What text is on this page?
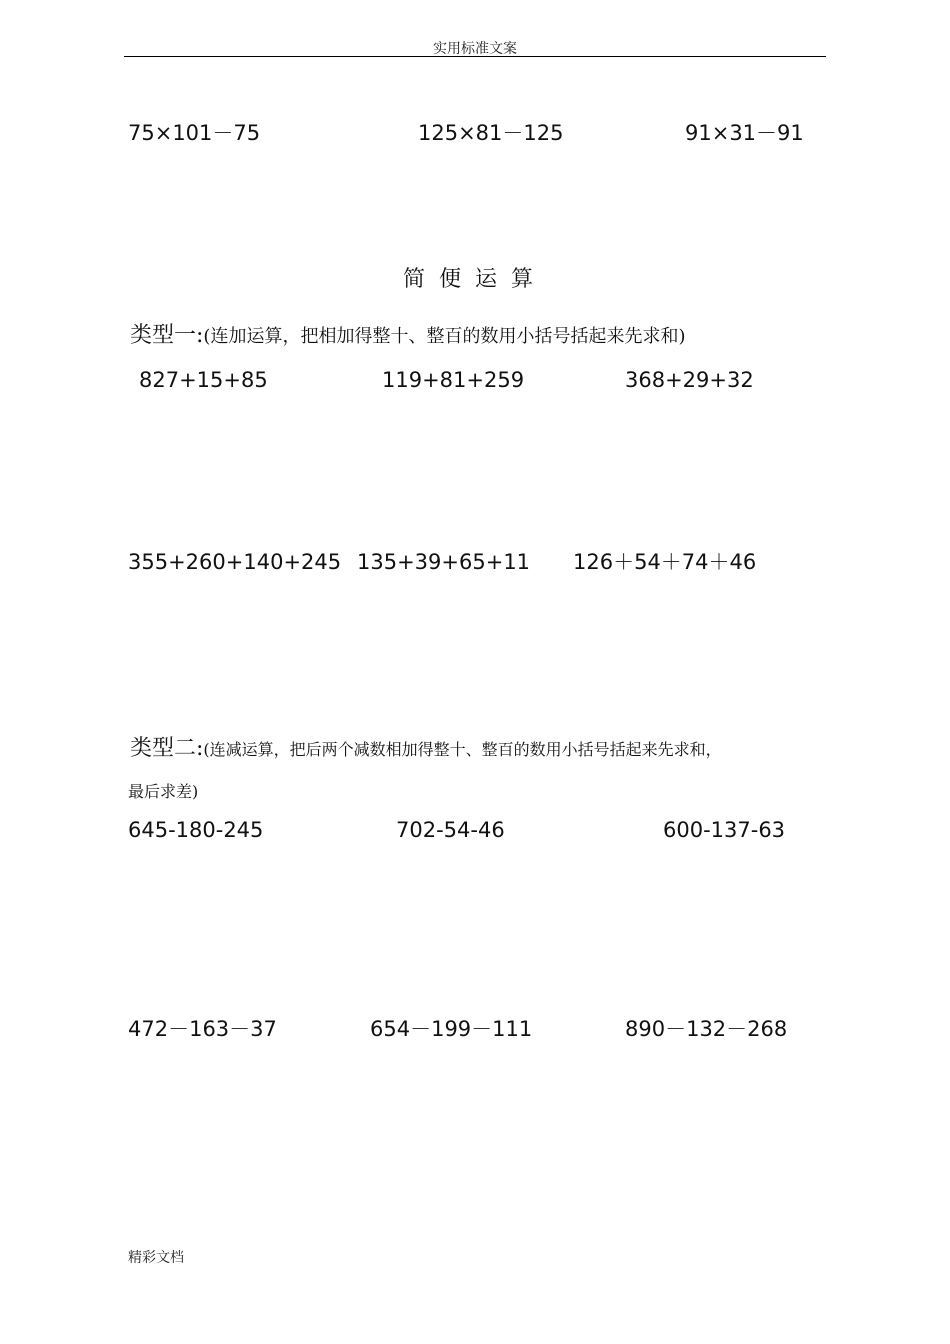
实用标准文案
75×101－75	125×81－125	91×31－91
简便运算
类型一:(连加运算，把相加得整十、整百的数用小括号括起来先求和)
827+15+85	119+81+259	368+29+32
355+260+140+245 135+39+65+11 126＋54＋74＋46
类型二:(连减运算，把后两个减数相加得整十、整百的数用小括号括起来先求和，
最后求差)
645-180-245	702-54-46	600-137-63
472－163－37	654－199－111	890－132－268
精彩文档
